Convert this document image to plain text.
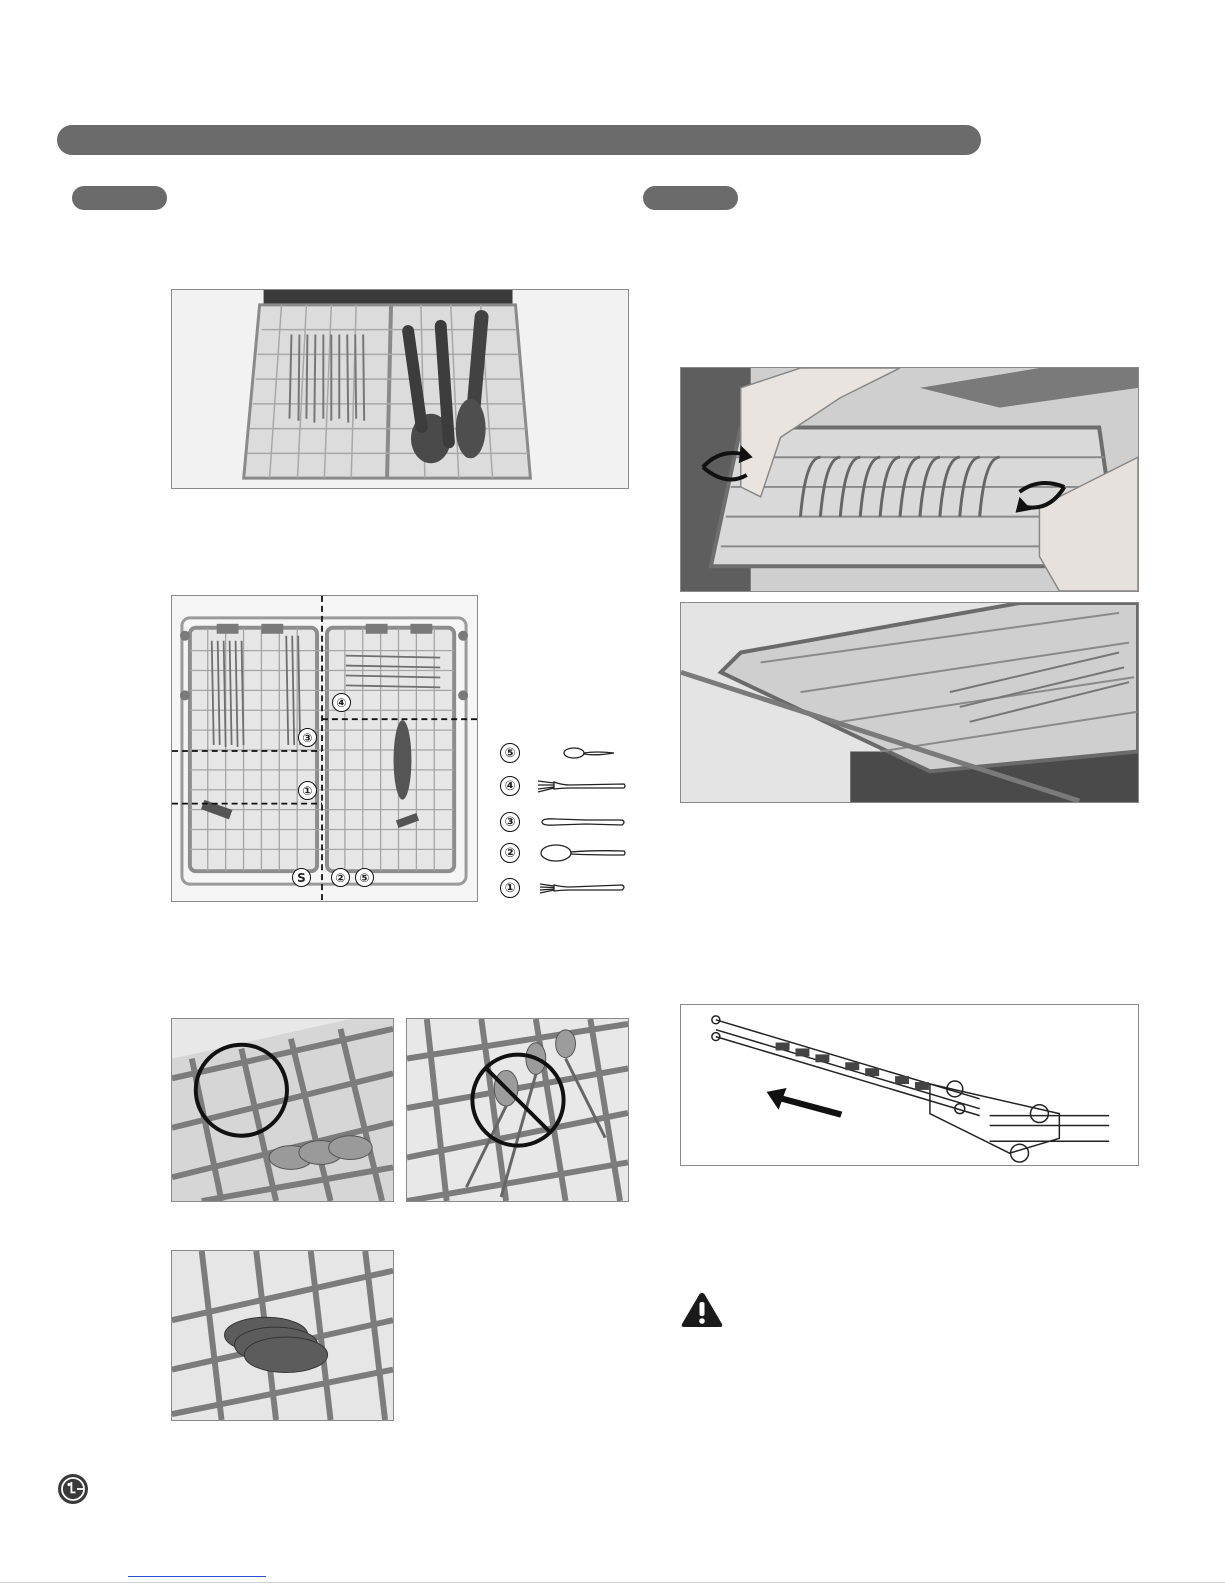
④
③
①
S	②	⑤
⑤
④
③
②
①
